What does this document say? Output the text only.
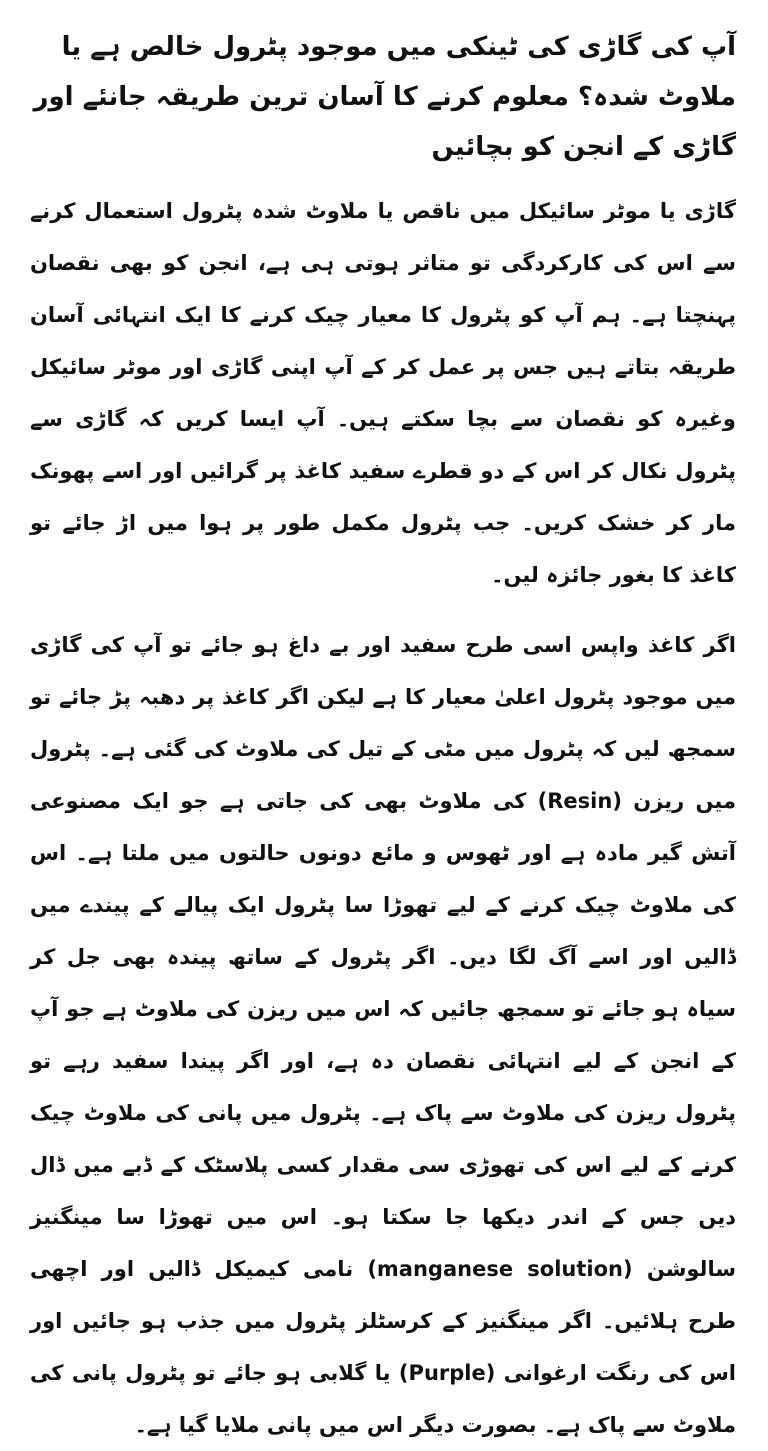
آپ کی گاڑی کی ٹینکی میں موجود پٹرول خالص ہے یا ملاوٹ شدہ؟ معلوم کرنے کا آسان ترین طریقہ جانئے اور گاڑی کے انجن کو بچائیں

گاڑی یا موٹر سائیکل میں ناقص یا ملاوٹ شدہ پٹرول استعمال کرنے سے اس کی کارکردگی تو متاثر ہوتی ہی ہے، انجن کو بھی نقصان پہنچتا ہے۔ ہم آپ کو پٹرول کا معیار چیک کرنے کا ایک انتہائی آسان طریقہ بتاتے ہیں جس پر عمل کر کے آپ اپنی گاڑی اور موٹر سائیکل وغیرہ کو نقصان سے بچا سکتے ہیں۔ آپ ایسا کریں کہ گاڑی سے پٹرول نکال کر اس کے دو قطرے سفید کاغذ پر گرائیں اور اسے پھونک مار کر خشک کریں۔ جب پٹرول مکمل طور پر ہوا میں اڑ جائے تو کاغذ کا بغور جائزہ لیں۔

اگر کاغذ واپس اسی طرح سفید اور بے داغ ہو جائے تو آپ کی گاڑی میں موجود پٹرول اعلیٰ معیار کا ہے لیکن اگر کاغذ پر دھبہ پڑ جائے تو سمجھ لیں کہ پٹرول میں مٹی کے تیل کی ملاوٹ کی گئی ہے۔ پٹرول میں ریزن (Resin) کی ملاوٹ بھی کی جاتی ہے جو ایک مصنوعی آتش گیر مادہ ہے اور ٹھوس و مائع دونوں حالتوں میں ملتا ہے۔ اس کی ملاوٹ چیک کرنے کے لیے تھوڑا سا پٹرول ایک پیالے کے پیندے میں ڈالیں اور اسے آگ لگا دیں۔ اگر پٹرول کے ساتھ پیندہ بھی جل کر سیاہ ہو جائے تو سمجھ جائیں کہ اس میں ریزن کی ملاوٹ ہے جو آپ کے انجن کے لیے انتہائی نقصان دہ ہے، اور اگر پیندا سفید رہے تو پٹرول ریزن کی ملاوٹ سے پاک ہے۔ پٹرول میں پانی کی ملاوٹ چیک کرنے کے لیے اس کی تھوڑی سی مقدار کسی پلاسٹک کے ڈبے میں ڈال دیں جس کے اندر دیکھا جا سکتا ہو۔ اس میں تھوڑا سا مینگنیز سالوشن (manganese solution) نامی کیمیکل ڈالیں اور اچھی طرح ہلائیں۔ اگر مینگنیز کے کرسٹلز پٹرول میں جذب ہو جائیں اور اس کی رنگت ارغوانی (Purple) یا گلابی ہو جائے تو پٹرول پانی کی ملاوٹ سے پاک ہے۔ بصورت دیگر اس میں پانی ملایا گیا ہے۔
